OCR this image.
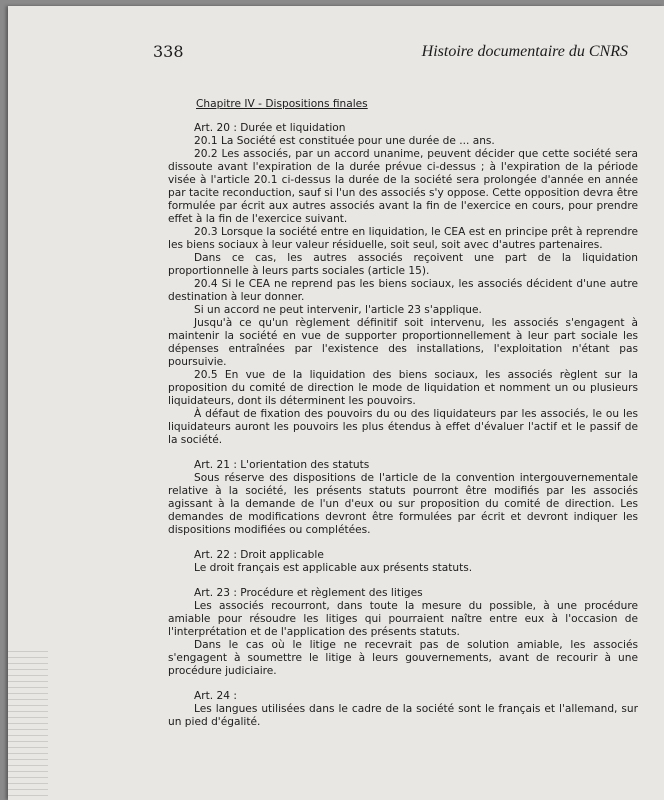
338	Histoire documentaire du CNRS
Chapitre IV - Dispositions finales
Art. 20 : Durée et liquidation

20.1 La Société est constituée pour une durée de ... ans.

20.2 Les associés, par un accord unanime, peuvent décider que cette société sera dissoute avant l'expiration de la durée prévue ci-dessus ; à l'expiration de la période visée à l'article 20.1 ci-dessus la durée de la société sera prolongée d'année en année par tacite reconduction, sauf si l'un des associés s'y oppose. Cette opposition devra être formulée par écrit aux autres associés avant la fin de l'exercice en cours, pour prendre effet à la fin de l'exercice suivant.

20.3 Lorsque la société entre en liquidation, le CEA est en principe prêt à reprendre les biens sociaux à leur valeur résiduelle, soit seul, soit avec d'autres partenaires.

Dans ce cas, les autres associés reçoivent une part de la liquidation proportionnelle à leurs parts sociales (article 15).

20.4 Si le CEA ne reprend pas les biens sociaux, les associés décident d'une autre destination à leur donner.

Si un accord ne peut intervenir, l'article 23 s'applique.

Jusqu'à ce qu'un règlement définitif soit intervenu, les associés s'engagent à maintenir la société en vue de supporter proportionnellement à leur part sociale les dépenses entraînées par l'existence des installations, l'exploitation n'étant pas poursuivie.

20.5 En vue de la liquidation des biens sociaux, les associés règlent sur la proposition du comité de direction le mode de liquidation et nomment un ou plusieurs liquidateurs, dont ils déterminent les pouvoirs.

À défaut de fixation des pouvoirs du ou des liquidateurs par les associés, le ou les liquidateurs auront les pouvoirs les plus étendus à effet d'évaluer l'actif et le passif de la société.

Art. 21 : L'orientation des statuts

Sous réserve des dispositions de l'article de la convention intergouvernementale relative à la société, les présents statuts pourront être modifiés par les associés agissant à la demande de l'un d'eux ou sur proposition du comité de direction. Les demandes de modifications devront être formulées par écrit et devront indiquer les dispositions modifiées ou complétées.

Art. 22 : Droit applicable

Le droit français est applicable aux présents statuts.

Art. 23 : Procédure et règlement des litiges

Les associés recourront, dans toute la mesure du possible, à une procédure amiable pour résoudre les litiges qui pourraient naître entre eux à l'occasion de l'interprétation et de l'application des présents statuts.

Dans le cas où le litige ne recevrait pas de solution amiable, les associés s'engagent à soumettre le litige à leurs gouvernements, avant de recourir à une procédure judiciaire.

Art. 24 :

Les langues utilisées dans le cadre de la société sont le français et l'allemand, sur un pied d'égalité.
